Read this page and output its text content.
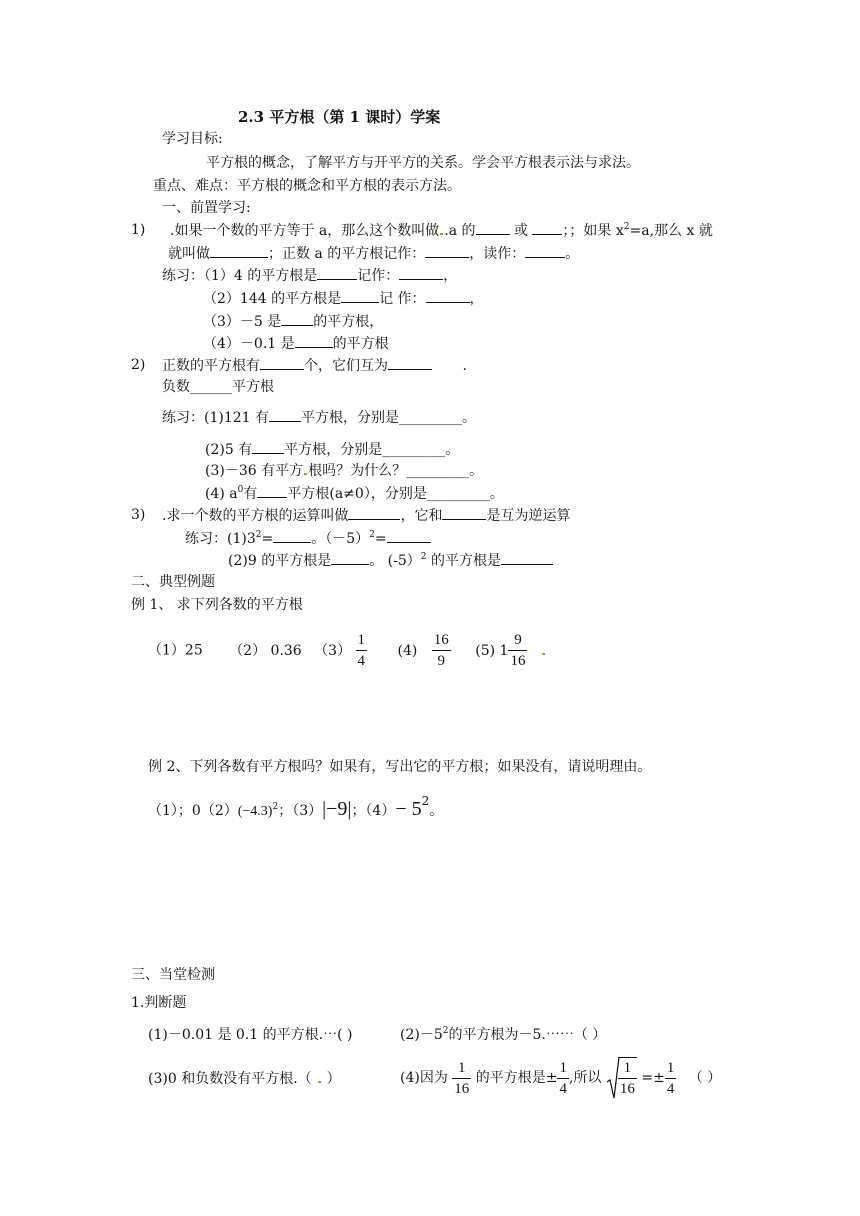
2.3 平方根（第 1 课时）学案
学习目标:
平方根的概念，了解平方与开平方的关系。学会平方根表示法与求法。
重点、难点：平方根的概念和平方根的表示方法。
一、前置学习:
1) .如果一个数的平方等于 a，那么这个数叫做 .a 的	或 ；；如果 $x^2=a$,那么 x 就
就叫做	；正数 a 的平方根记作：	，读作：	。
练习：（1）4 的平方根是	记作：	，
（2）144 的平方根是	记 作：	，
（3）－5 是 的平方根，
（4）－0.1 是	的平方根
2) 正数的平方根有	个，它们互为	.
负数______平方根
练习：(1)121 有 平方根，分别是_________。
(2)5 有 平方根，分别是_________。
(3)－36 有平方 根吗？为什么？_________。
(4) $a^0$有 平方根(a≠0），分别是_________。
3) .求一个数的平方根的运算叫做	，它和	是互为逆运算
练习：$(1)3^2=$	。$(-5)^2=$
(2)9 的平方根是	。 (-5）$^2$ 的平方根是
二、典型例题
例 1、 求下列各数的平方根
（1）25 （2） 0.36 $(3) \frac{1}{4} (4) \frac{16}{9} (5)$ $1 \frac{9}{16}$

例 2、下列各数有平方根吗？如果有，写出它的平方根；如果没有，请说明理由。
（1）；$0(2)(-4.3)^2$；（3）|−9|；$(4)- 5^2$。
三、当堂检测
1.判断题
(1)－0.01 是 0.1 的平方根.⋯( )	$(2)-5^2$的平方根为－5.⋯⋯（ ）
(3)0 和负数没有平方根.（ ）	(4)因为 $\frac{1}{16}$ 的平方根是± $\frac{1}{4}$ ,所以 $\frac{1}{16} =\pm \frac{1}{4}$ （ ）
